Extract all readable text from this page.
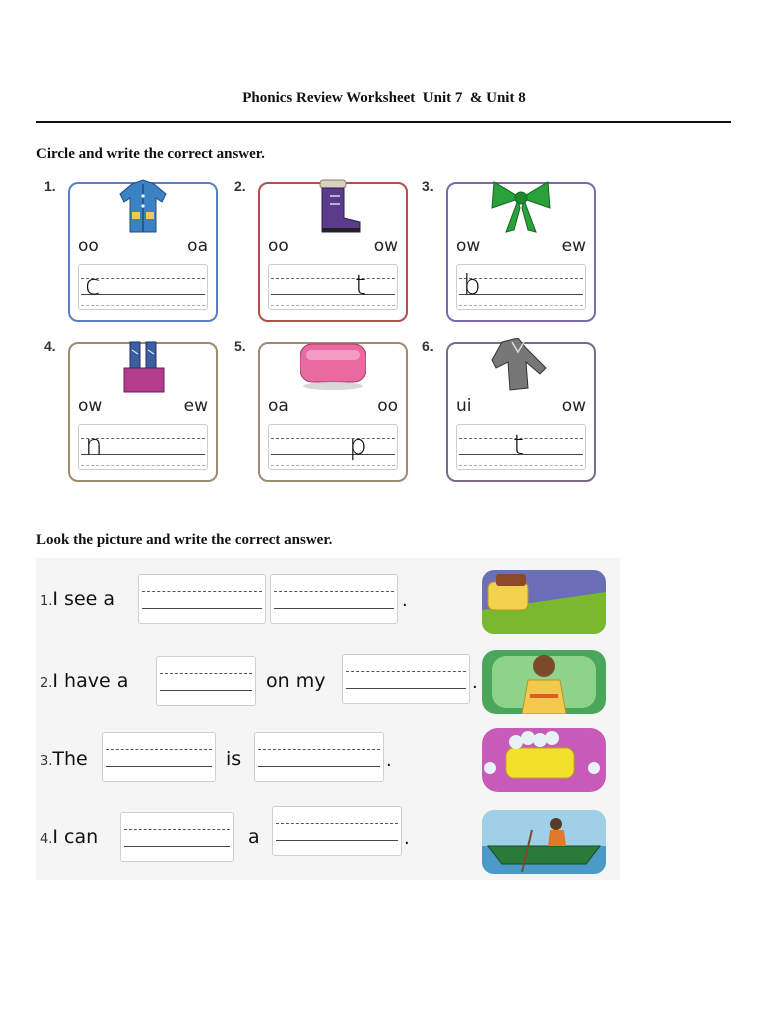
Phonics Review Worksheet  Unit 7  & Unit 8
Circle and write the correct answer.
1.
oo	oa
c
2.
oo	ow
t
3.
ow	ew
b
4.
ow	ew
n
5.
oa	oo
p
6.
ui	ow
t
Look the picture and write the correct answer.
1.I see a	.
2.I have a	on my	.
3.The	is	.
4.I can	a	.
